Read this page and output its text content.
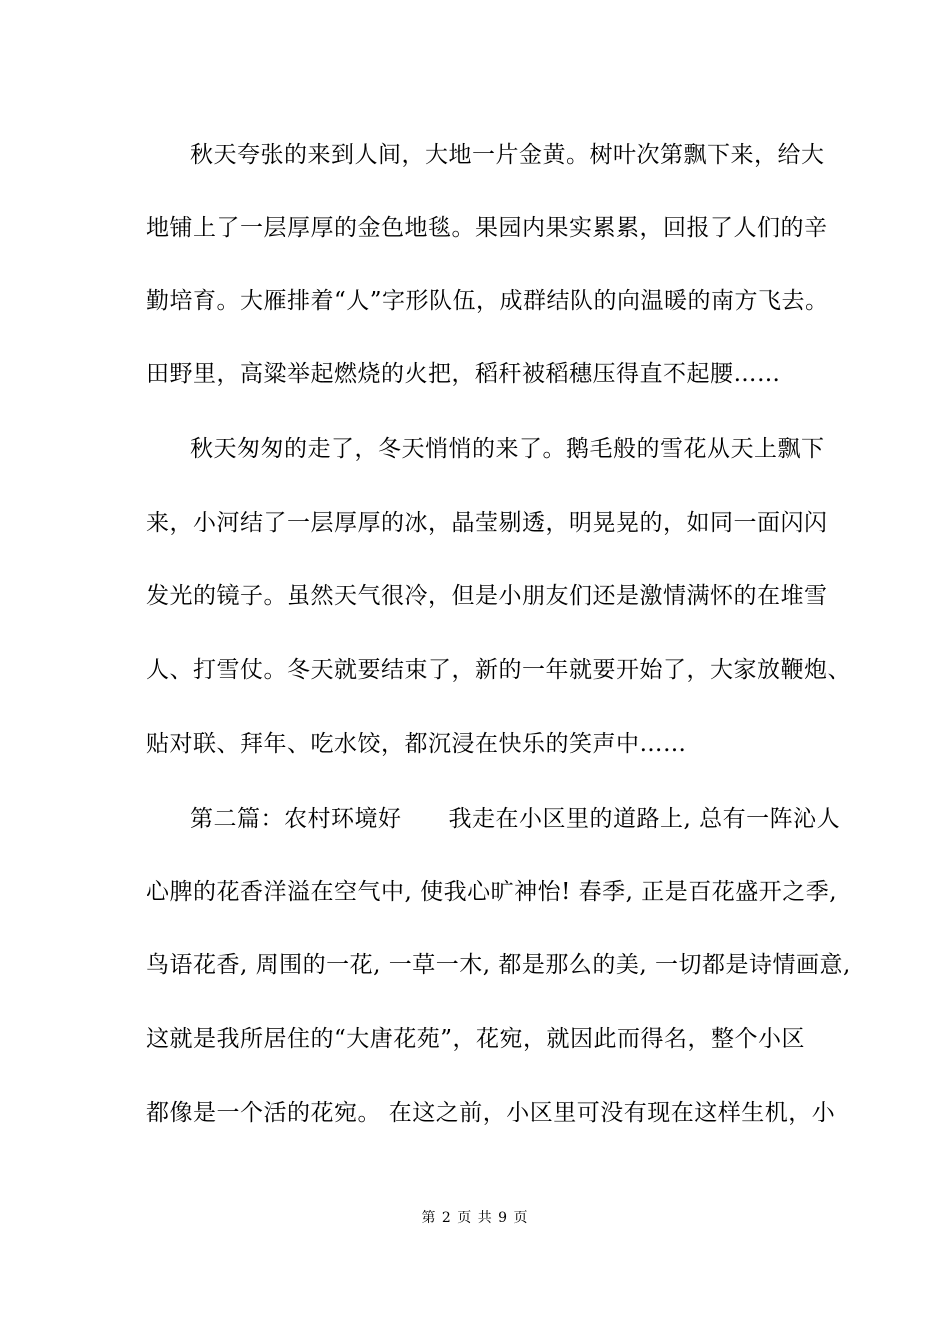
秋天夸张的来到人间，大地一片金黄。树叶次第飘下来，给大
地铺上了一层厚厚的金色地毯。果园内果实累累，回报了人们的辛
勤培育。大雁排着“人”字形队伍，成群结队的向温暖的南方飞去。
田野里，高粱举起燃烧的火把，稻秆被稻穗压得直不起腰……
秋天匆匆的走了，冬天悄悄的来了。鹅毛般的雪花从天上飘下
来，小河结了一层厚厚的冰，晶莹剔透，明晃晃的，如同一面闪闪
发光的镜子。虽然天气很冷，但是小朋友们还是激情满怀的在堆雪
人、打雪仗。冬天就要结束了，新的一年就要开始了，大家放鞭炮、
贴对联、拜年、吃水饺，都沉浸在快乐的笑声中……
第二篇：农村环境好　　我走在小区里的道路上, 总有一阵沁人
心脾的花香洋溢在空气中, 使我心旷神怡! 春季, 正是百花盛开之季,
鸟语花香, 周围的一花, 一草一木, 都是那么的美, 一切都是诗情画意,
这就是我所居住的“大唐花苑”，花宛，就因此而得名，整个小区
都像是一个活的花宛。 在这之前，小区里可没有现在这样生机，小
第 2 页 共 9 页
